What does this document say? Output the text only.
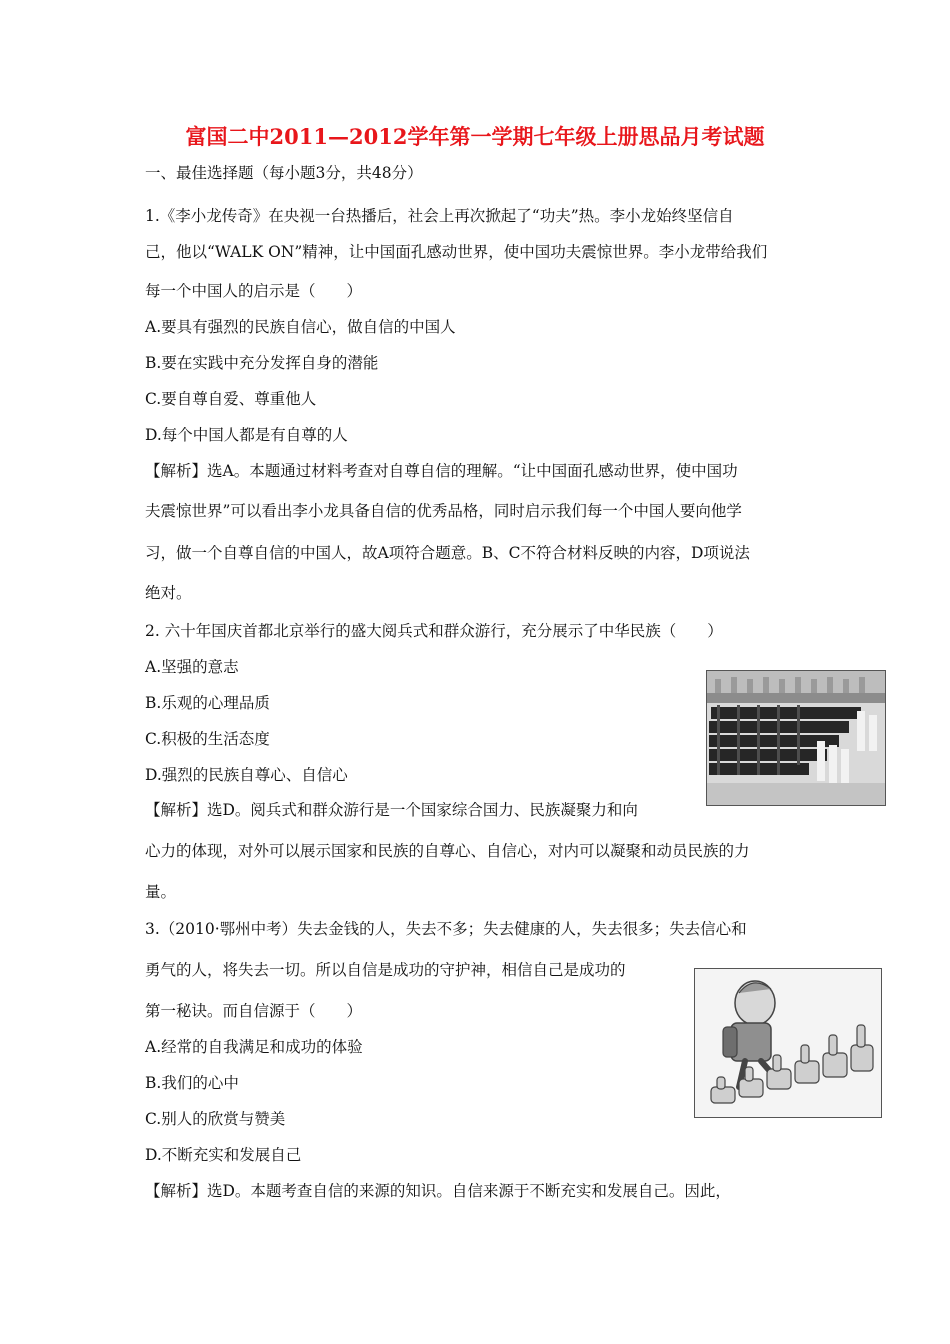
富国二中2011—2012学年第一学期七年级上册思品月考试题
一、最佳选择题（每小题3分，共48分）
1.《李小龙传奇》在央视一台热播后，社会上再次掀起了“功夫”热。李小龙始终坚信自
己，他以“WALK ON”精神，让中国面孔感动世界，使中国功夫震惊世界。李小龙带给我们
每一个中国人的启示是（　　）
A.要具有强烈的民族自信心，做自信的中国人
B.要在实践中充分发挥自身的潜能
C.要自尊自爱、尊重他人
D.每个中国人都是有自尊的人
【解析】选A。本题通过材料考查对自尊自信的理解。“让中国面孔感动世界，使中国功
夫震惊世界”可以看出李小龙具备自信的优秀品格，同时启示我们每一个中国人要向他学
习，做一个自尊自信的中国人，故A项符合题意。B、C不符合材料反映的内容，D项说法
绝对。
2. 六十年国庆首都北京举行的盛大阅兵式和群众游行，充分展示了中华民族（　　）
A.坚强的意志
B.乐观的心理品质
C.积极的生活态度
D.强烈的民族自尊心、自信心
【解析】选D。阅兵式和群众游行是一个国家综合国力、民族凝聚力和向
心力的体现，对外可以展示国家和民族的自尊心、自信心，对内可以凝聚和动员民族的力
量。
3.（2010·鄂州中考）失去金钱的人，失去不多；失去健康的人，失去很多；失去信心和
勇气的人，将失去一切。所以自信是成功的守护神，相信自己是成功的
第一秘诀。而自信源于（　　）
A.经常的自我满足和成功的体验
B.我们的心中
C.别人的欣赏与赞美
D.不断充实和发展自己
【解析】选D。本题考查自信的来源的知识。自信来源于不断充实和发展自己。因此，
